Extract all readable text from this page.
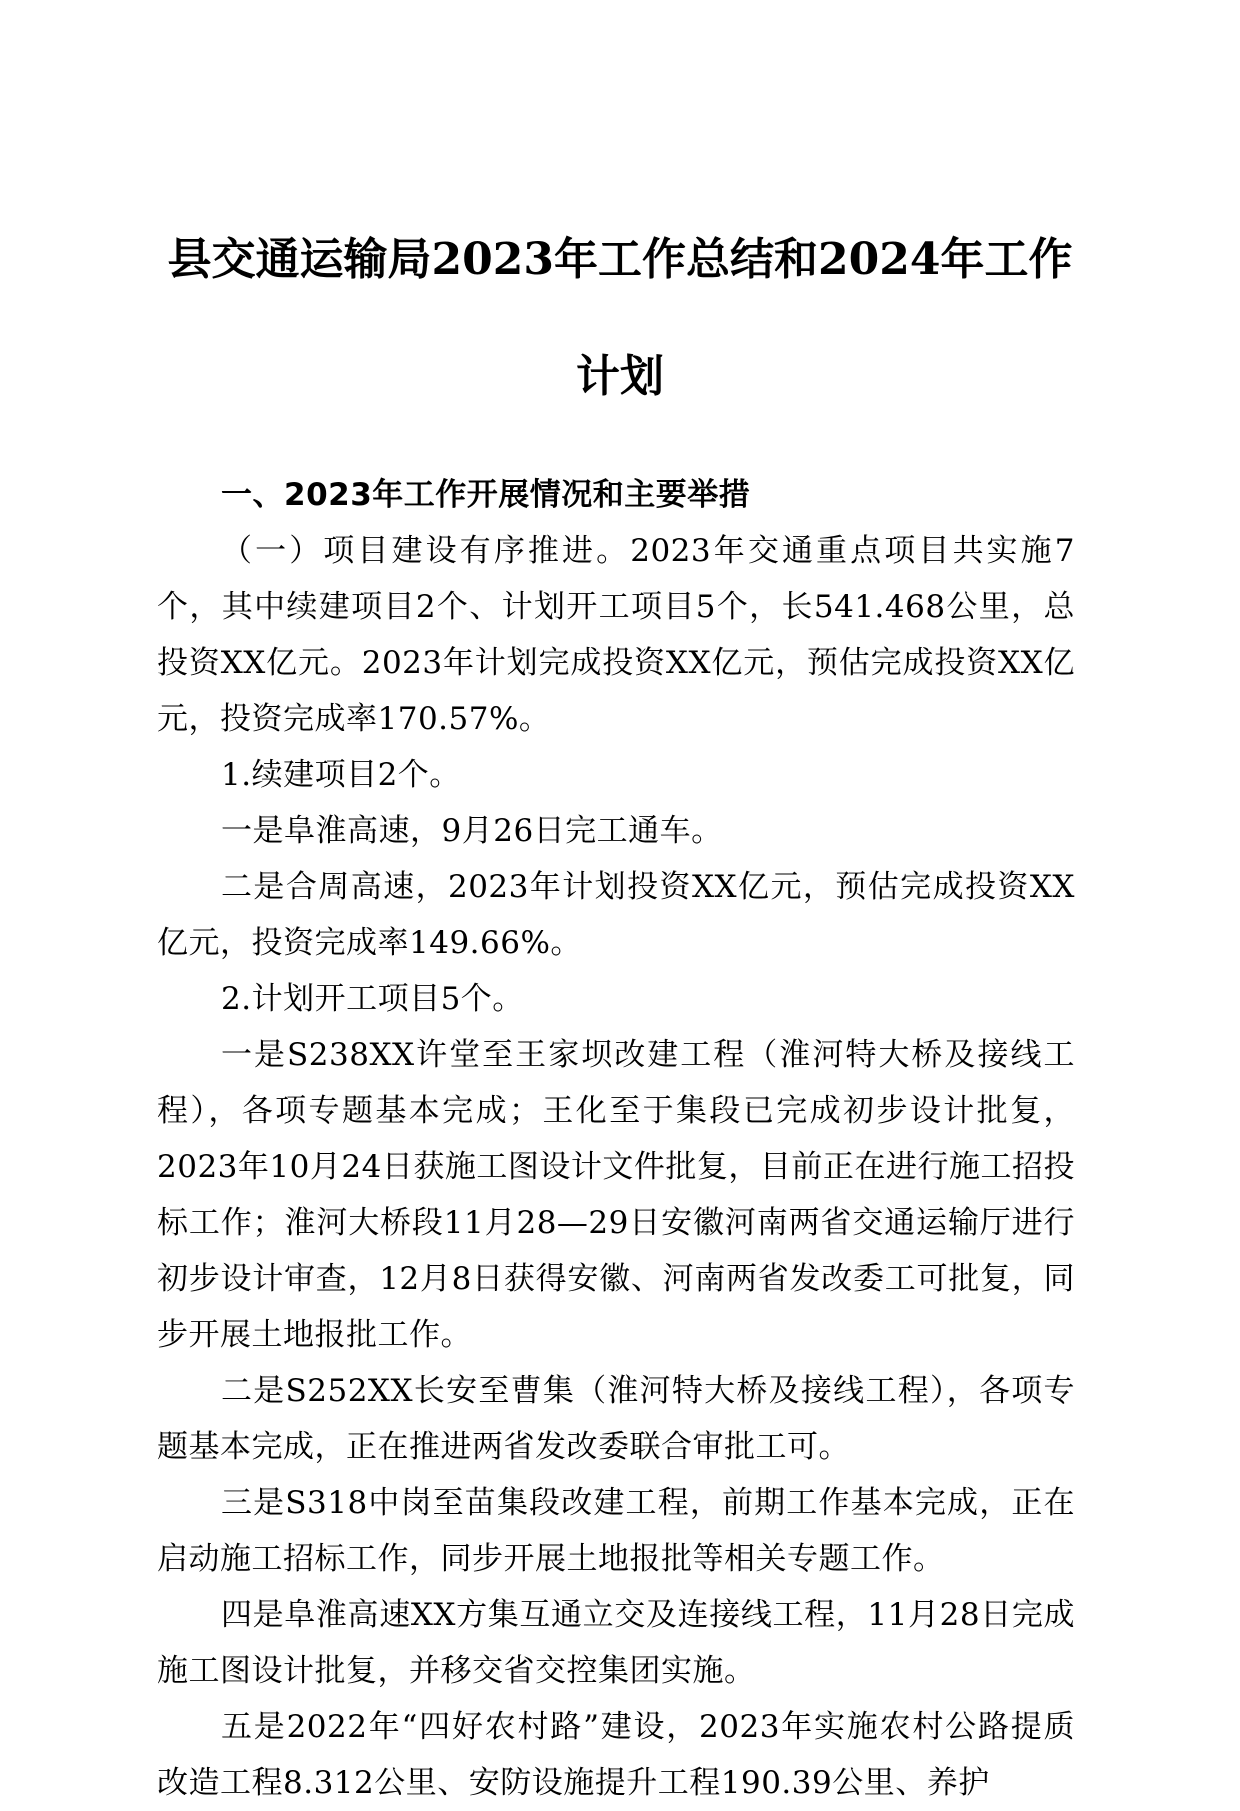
县交通运输局2023年工作总结和2024年工作
计划

一、2023年工作开展情况和主要举措

（一）项目建设有序推进。2023年交通重点项目共实施7个，其中续建项目2个、计划开工项目5个，长541.468公里，总投资XX亿元。2023年计划完成投资XX亿元，预估完成投资XX亿元，投资完成率170.57%。

1.续建项目2个。

一是阜淮高速，9月26日完工通车。

二是合周高速，2023年计划投资XX亿元，预估完成投资XX亿元，投资完成率149.66%。

2.计划开工项目5个。

一是S238XX许堂至王家坝改建工程（淮河特大桥及接线工程），各项专题基本完成；王化至于集段已完成初步设计批复，2023年10月24日获施工图设计文件批复，目前正在进行施工招投标工作；淮河大桥段11月28—29日安徽河南两省交通运输厅进行初步设计审查，12月8日获得安徽、河南两省发改委工可批复，同步开展土地报批工作。

二是S252XX长安至曹集（淮河特大桥及接线工程），各项专题基本完成，正在推进两省发改委联合审批工可。

三是S318中岗至苗集段改建工程，前期工作基本完成，正在启动施工招标工作，同步开展土地报批等相关专题工作。

四是阜淮高速XX方集互通立交及连接线工程，11月28日完成施工图设计批复，并移交省交控集团实施。

五是2022年“四好农村路”建设，2023年实施农村公路提质改造工程8.312公里、安防设施提升工程190.39公里、养护
